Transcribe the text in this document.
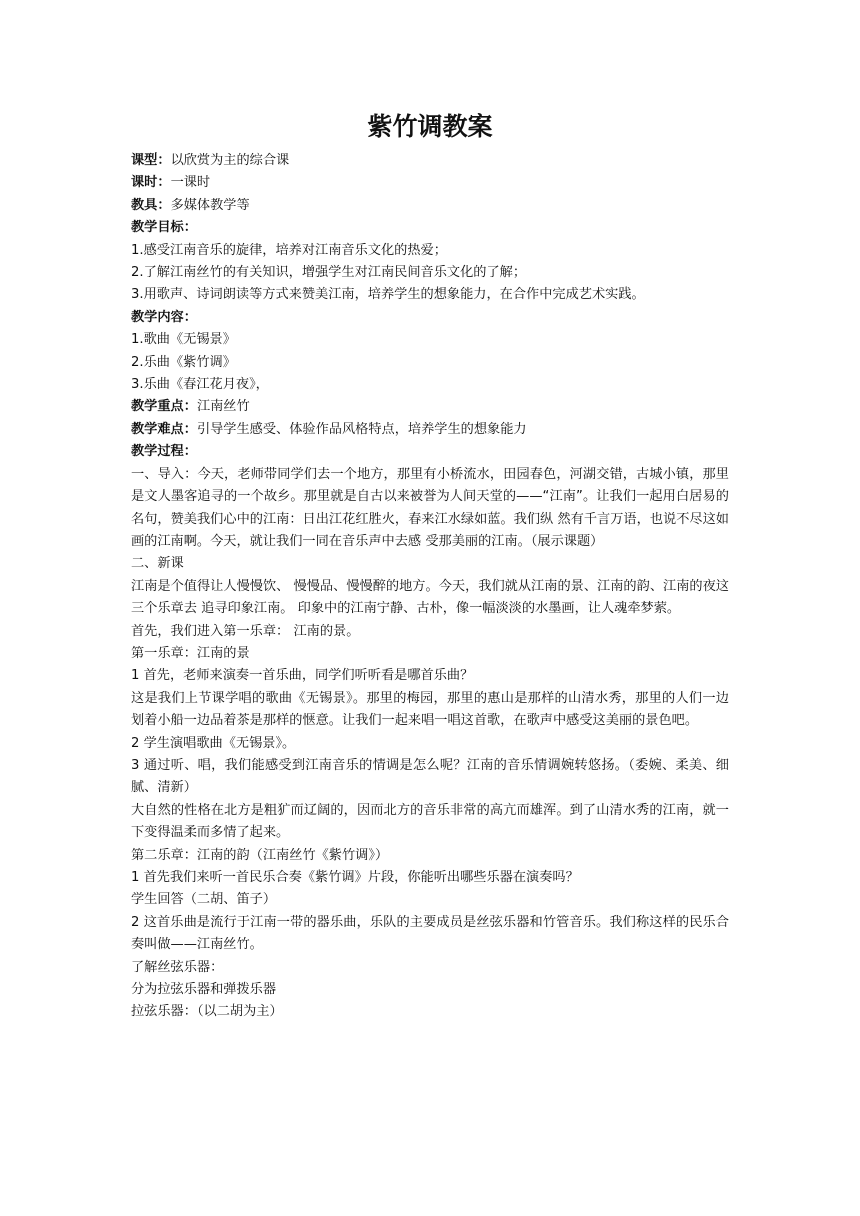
紫竹调教案

课型：以欣赏为主的综合课

课时：一课时

教具：多媒体教学等

教学目标：

1.感受江南音乐的旋律，培养对江南音乐文化的热爱；

2.了解江南丝竹的有关知识，增强学生对江南民间音乐文化的了解；

3.用歌声、诗词朗读等方式来赞美江南，培养学生的想象能力，在合作中完成艺术实践。

教学内容：

1.歌曲《无锡景》

2.乐曲《紫竹调》

3.乐曲《春江花月夜》，

教学重点：江南丝竹

教学难点：引导学生感受、体验作品风格特点，培养学生的想象能力

教学过程：

一、导入：今天，老师带同学们去一个地方，那里有小桥流水，田园春色，河湖交错，古城小镇，那里是文人墨客追寻的一个故乡。那里就是自古以来被誉为人间天堂的——“江南”。让我们一起用白居易的名句，赞美我们心中的江南：日出江花红胜火，春来江水绿如蓝。我们纵 然有千言万语，也说不尽这如画的江南啊。今天，就让我们一同在音乐声中去感 受那美丽的江南。（展示课题）

二、新课

江南是个值得让人慢慢饮、 慢慢品、慢慢醉的地方。今天，我们就从江南的景、江南的韵、江南的夜这三个乐章去 追寻印象江南。 印象中的江南宁静、古朴，像一幅淡淡的水墨画，让人魂牵梦萦。

首先，我们进入第一乐章： 江南的景。

第一乐章：江南的景

1 首先，老师来演奏一首乐曲，同学们听听看是哪首乐曲？

这是我们上节课学唱的歌曲《无锡景》。那里的梅园，那里的惠山是那样的山清水秀，那里的人们一边划着小船一边品着茶是那样的惬意。让我们一起来唱一唱这首歌，在歌声中感受这美丽的景色吧。

2 学生演唱歌曲《无锡景》。

3 通过听、唱，我们能感受到江南音乐的情调是怎么呢？江南的音乐情调婉转悠扬。（委婉、柔美、细腻、清新）

大自然的性格在北方是粗犷而辽阔的，因而北方的音乐非常的高亢而雄浑。到了山清水秀的江南，就一下变得温柔而多情了起来。

第二乐章：江南的韵（江南丝竹《紫竹调》）

1 首先我们来听一首民乐合奏《紫竹调》片段，你能听出哪些乐器在演奏吗？

学生回答（二胡、笛子）

2 这首乐曲是流行于江南一带的器乐曲，乐队的主要成员是丝弦乐器和竹管音乐。我们称这样的民乐合奏叫做——江南丝竹。

了解丝弦乐器：

分为拉弦乐器和弹拨乐器

拉弦乐器：（以二胡为主）
